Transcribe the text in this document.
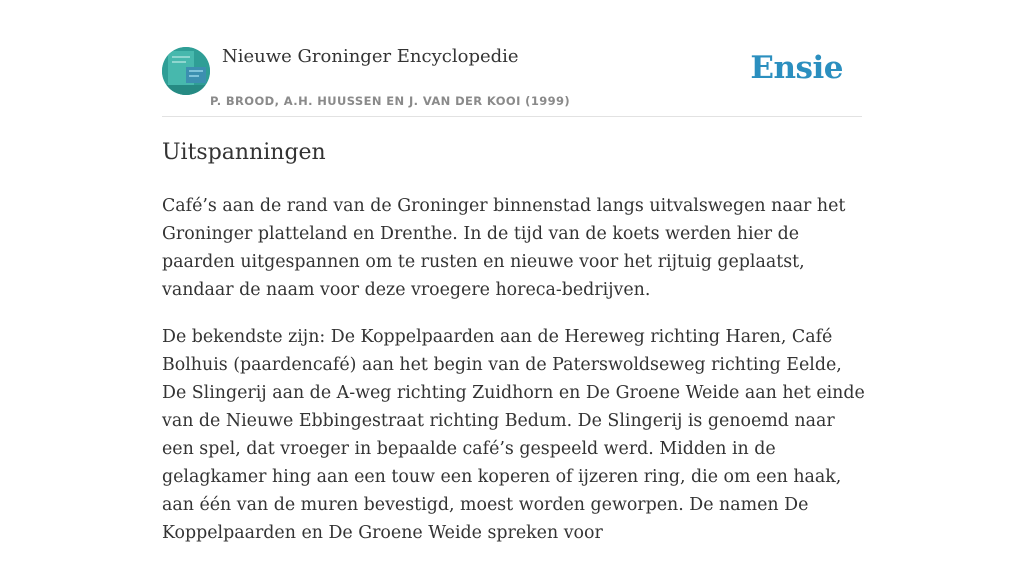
Nieuwe Groninger Encyclopedie
P. BROOD, A.H. HUUSSEN EN J. VAN DER KOOI (1999)
Ensie
Uitspanningen

Café’s aan de rand van de Groninger binnenstad langs uitvalswegen naar het Groninger platteland en Drenthe. In de tijd van de koets werden hier de paarden uitgespannen om te rusten en nieuwe voor het rijtuig geplaatst, vandaar de naam voor deze vroegere horeca-bedrijven.

De bekendste zijn: De Koppelpaarden aan de Hereweg richting Haren, Café Bolhuis (paardencafé) aan het begin van de Paterswoldseweg richting Eelde, De Slingerij aan de A-weg richting Zuidhorn en De Groene Weide aan het einde van de Nieuwe Ebbingestraat richting Bedum. De Slingerij is genoemd naar een spel, dat vroeger in bepaalde café’s gespeeld werd. Midden in de gelagkamer hing aan een touw een koperen of ijzeren ring, die om een haak, aan één van de muren bevestigd, moest worden geworpen. De namen De Koppelpaarden en De Groene Weide spreken voor
